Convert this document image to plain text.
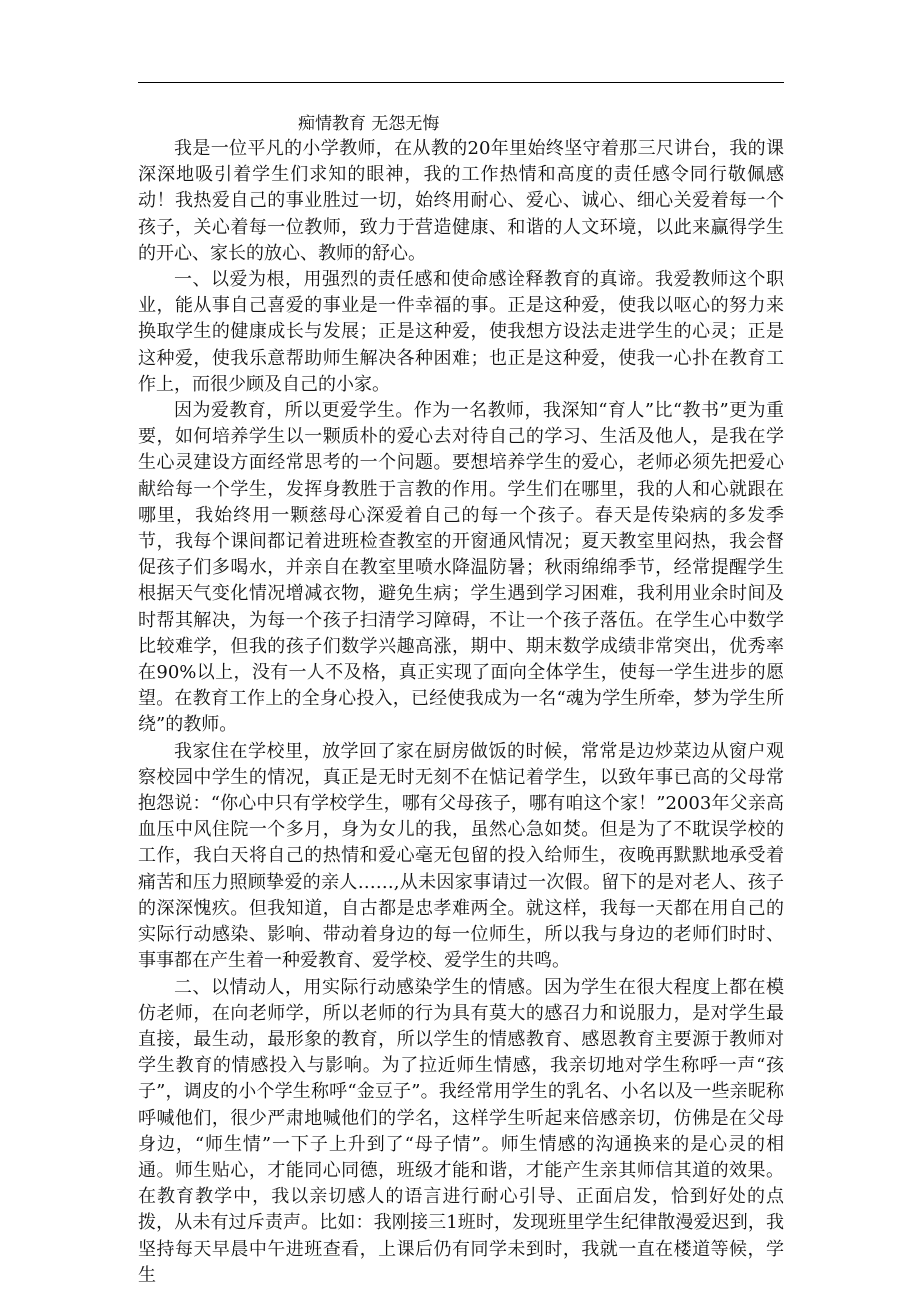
痴情教育 无怨无悔

我是一位平凡的小学教师，在从教的20年里始终坚守着那三尺讲台，我的课深深地吸引着学生们求知的眼神，我的工作热情和高度的责任感令同行敬佩感动！我热爱自己的事业胜过一切，始终用耐心、爱心、诚心、细心关爱着每一个孩子，关心着每一位教师，致力于营造健康、和谐的人文环境，以此来赢得学生的开心、家长的放心、教师的舒心。

一、以爱为根，用强烈的责任感和使命感诠释教育的真谛。我爱教师这个职业，能从事自己喜爱的事业是一件幸福的事。正是这种爱，使我以呕心的努力来换取学生的健康成长与发展；正是这种爱，使我想方设法走进学生的心灵；正是这种爱，使我乐意帮助师生解决各种困难；也正是这种爱，使我一心扑在教育工作上，而很少顾及自己的小家。

因为爱教育，所以更爱学生。作为一名教师，我深知“育人”比“教书”更为重要，如何培养学生以一颗质朴的爱心去对待自己的学习、生活及他人，是我在学生心灵建设方面经常思考的一个问题。要想培养学生的爱心，老师必须先把爱心献给每一个学生，发挥身教胜于言教的作用。学生们在哪里，我的人和心就跟在哪里，我始终用一颗慈母心深爱着自己的每一个孩子。春天是传染病的多发季节，我每个课间都记着进班检查教室的开窗通风情况；夏天教室里闷热，我会督促孩子们多喝水，并亲自在教室里喷水降温防暑；秋雨绵绵季节，经常提醒学生根据天气变化情况增减衣物，避免生病；学生遇到学习困难，我利用业余时间及时帮其解决，为每一个孩子扫清学习障碍，不让一个孩子落伍。在学生心中数学比较难学，但我的孩子们数学兴趣高涨，期中、期末数学成绩非常突出，优秀率在90%以上，没有一人不及格，真正实现了面向全体学生，使每一学生进步的愿望。在教育工作上的全身心投入，已经使我成为一名“魂为学生所牵，梦为学生所绕”的教师。

我家住在学校里，放学回了家在厨房做饭的时候，常常是边炒菜边从窗户观察校园中学生的情况，真正是无时无刻不在惦记着学生，以致年事已高的父母常抱怨说：“你心中只有学校学生，哪有父母孩子，哪有咱这个家！”2003年父亲高血压中风住院一个多月，身为女儿的我，虽然心急如焚。但是为了不耽误学校的工作，我白天将自己的热情和爱心毫无包留的投入给师生，夜晚再默默地承受着痛苦和压力照顾挚爱的亲人……,从未因家事请过一次假。留下的是对老人、孩子的深深愧疚。但我知道，自古都是忠孝难两全。就这样，我每一天都在用自己的实际行动感染、影响、带动着身边的每一位师生，所以我与身边的老师们时时、事事都在产生着一种爱教育、爱学校、爱学生的共鸣。

二、以情动人，用实际行动感染学生的情感。因为学生在很大程度上都在模仿老师，在向老师学，所以老师的行为具有莫大的感召力和说服力，是对学生最直接，最生动，最形象的教育，所以学生的情感教育、感恩教育主要源于教师对学生教育的情感投入与影响。为了拉近师生情感，我亲切地对学生称呼一声“孩子”，调皮的小个学生称呼“金豆子”。我经常用学生的乳名、小名以及一些亲昵称呼喊他们，很少严肃地喊他们的学名，这样学生听起来倍感亲切，仿佛是在父母身边，“师生情”一下子上升到了“母子情”。师生情感的沟通换来的是心灵的相通。师生贴心，才能同心同德，班级才能和谐，才能产生亲其师信其道的效果。在教育教学中，我以亲切感人的语言进行耐心引导、正面启发，恰到好处的点拨，从未有过斥责声。比如：我刚接三1班时，发现班里学生纪律散漫爱迟到，我坚持每天早晨中午进班查看，上课后仍有同学未到时，我就一直在楼道等候，学生
